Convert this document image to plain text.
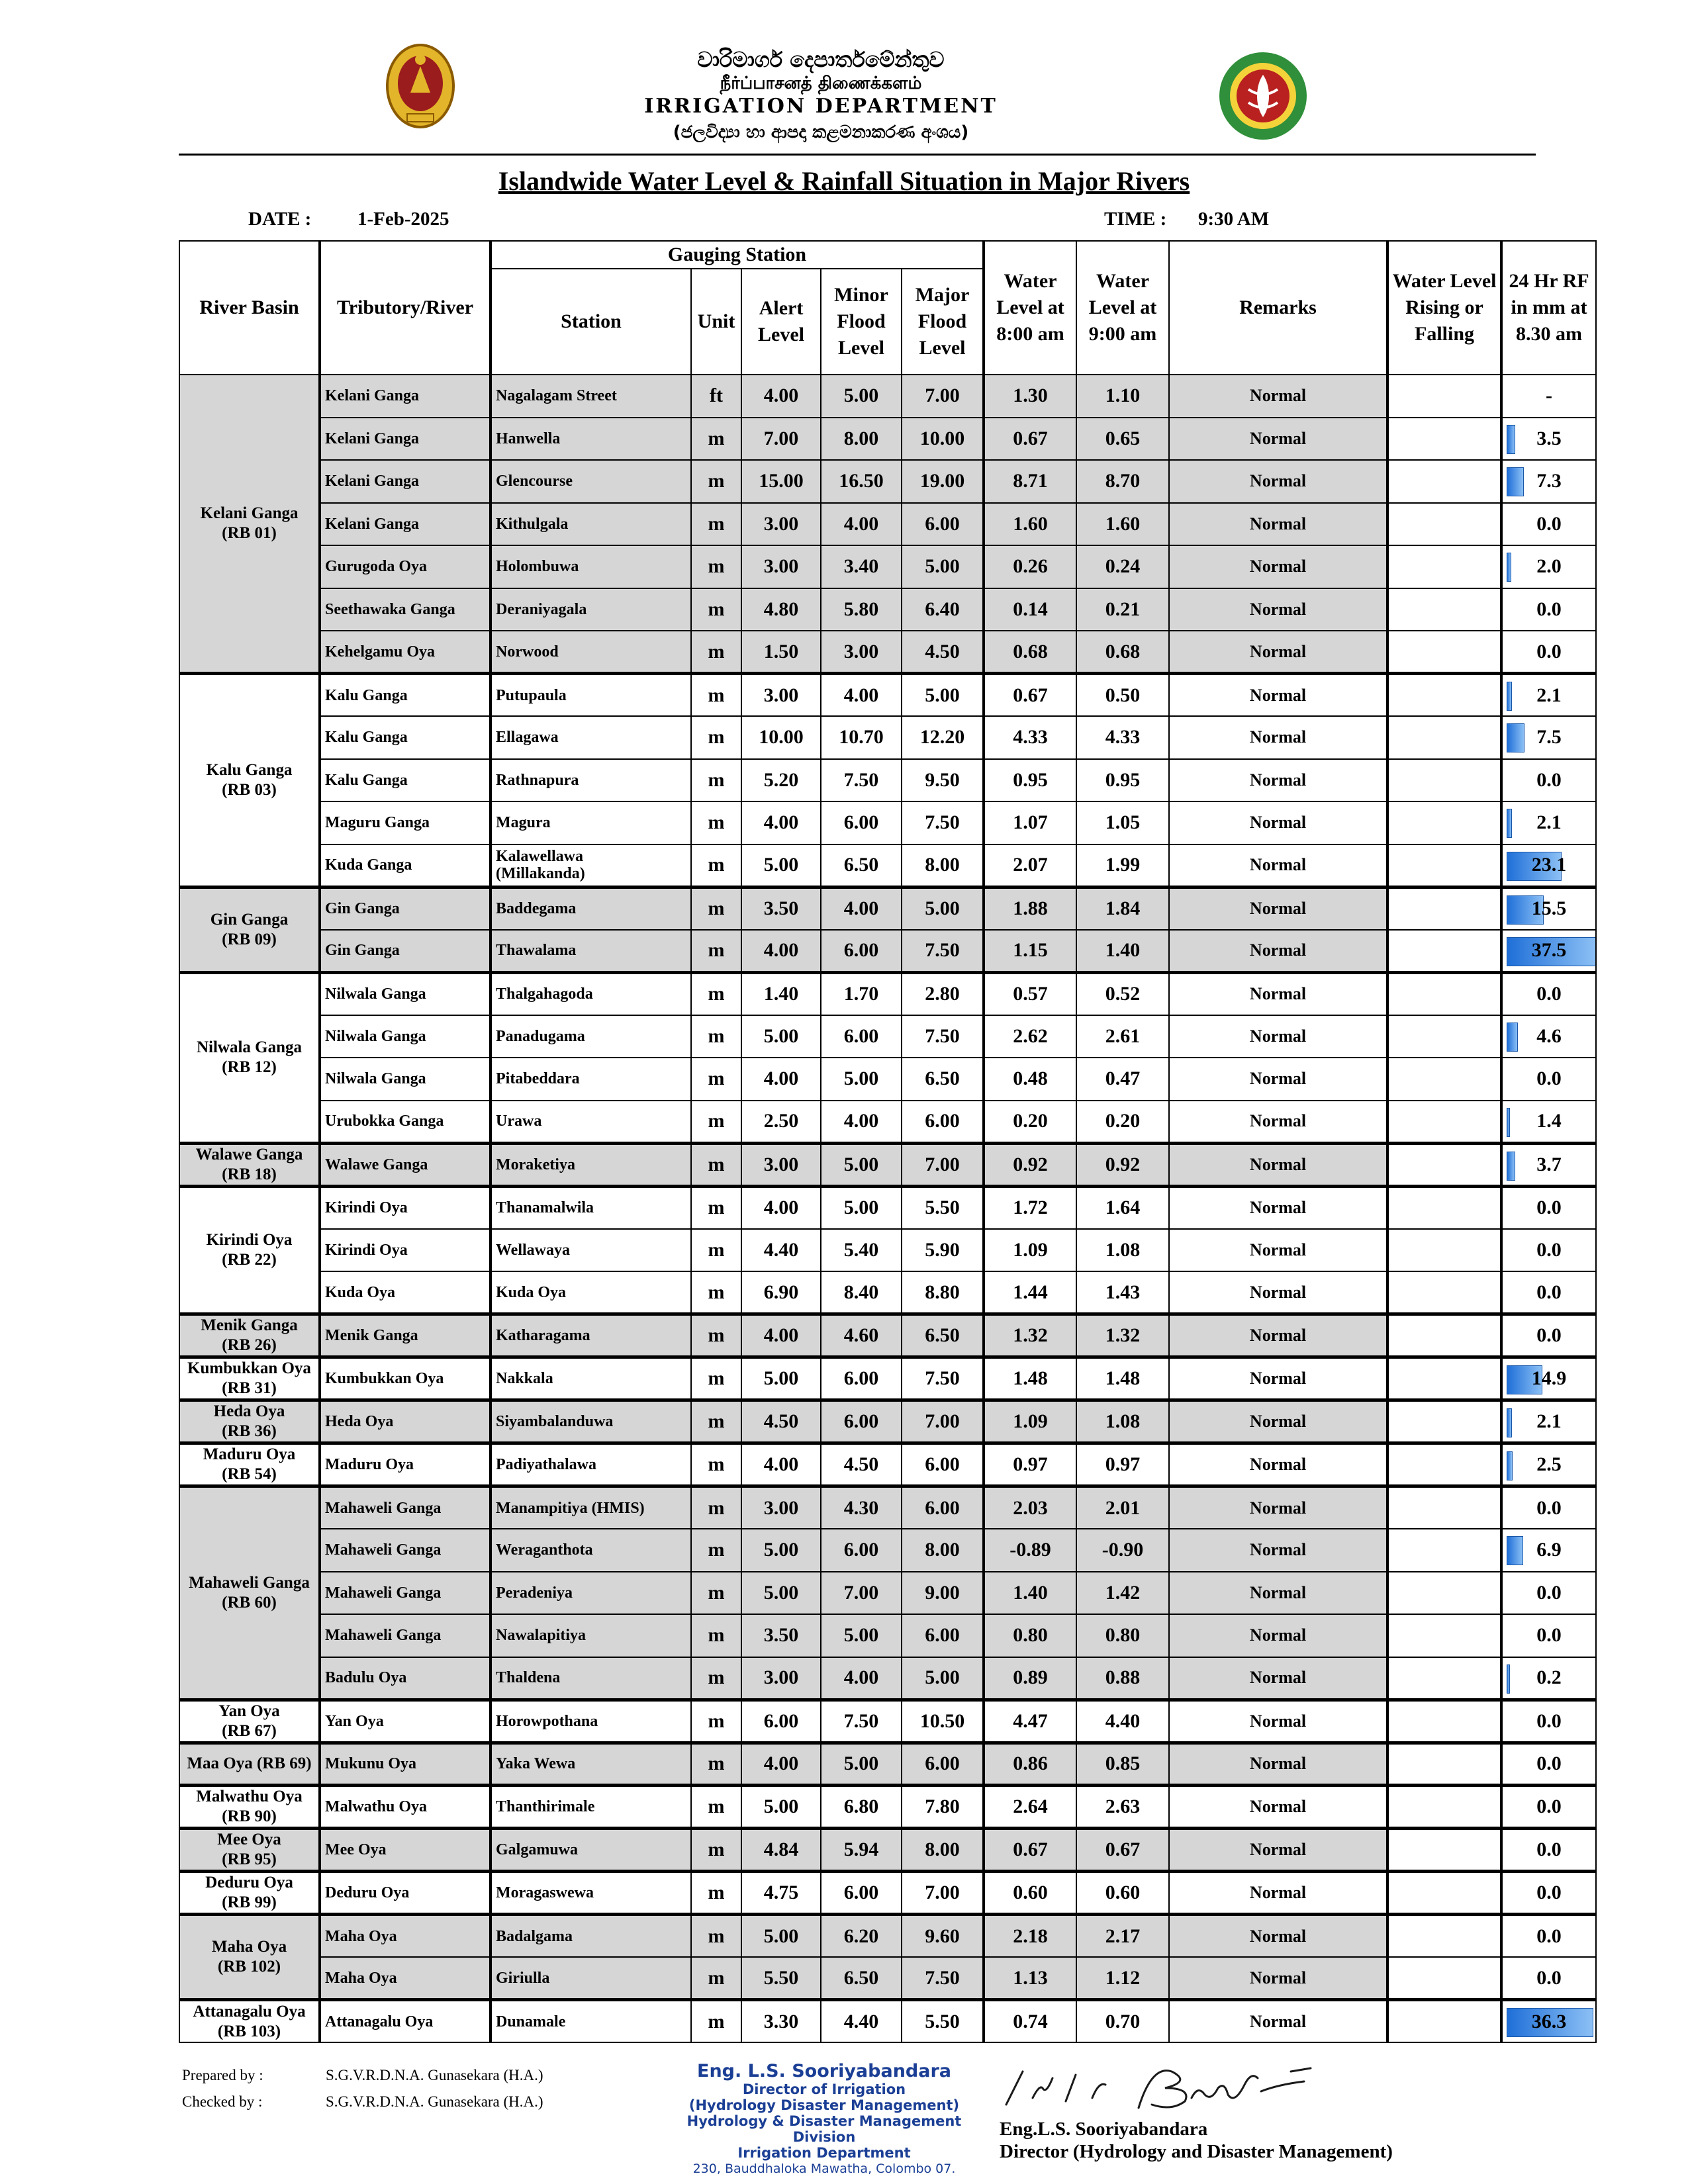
වාරිමාර්ග දෙපාර්තමේන්තුව
நீர்ப்பாசனத் திணைக்களம்
IRRIGATION DEPARTMENT
(ජලවිද්‍යා හා ආපදා කළමනාකරණ අංශය)
Islandwide Water Level & Rainfall Situation in Major Rivers
DATE : 1-Feb-2025	TIME : 9:30 AM
River Basin	Tributory/River	Gauging Station					Water Level at 8:00 am	Water Level at 9:00 am	Remarks	Water Level Rising or Falling	24 Hr RF in mm at 8.30 am
		Station	Unit	Alert Level	Minor Flood Level	Major Flood Level					

Kelani Ganga
(RB 01)	Kelani Ganga	Nagalagam Street	ft	4.00	5.00	7.00	1.30	1.10	Normal		-
	Kelani Ganga	Hanwella	m	7.00	8.00	10.00	0.67	0.65	Normal		3.5
	Kelani Ganga	Glencourse	m	15.00	16.50	19.00	8.71	8.70	Normal		7.3
	Kelani Ganga	Kithulgala	m	3.00	4.00	6.00	1.60	1.60	Normal		0.0
	Gurugoda Oya	Holombuwa	m	3.00	3.40	5.00	0.26	0.24	Normal		2.0
	Seethawaka Ganga	Deraniyagala	m	4.80	5.80	6.40	0.14	0.21	Normal		0.0
	Kehelgamu Oya	Norwood	m	1.50	3.00	4.50	0.68	0.68	Normal		0.0

Kalu Ganga
(RB 03)	Kalu Ganga	Putupaula	m	3.00	4.00	5.00	0.67	0.50	Normal		2.1
	Kalu Ganga	Ellagawa	m	10.00	10.70	12.20	4.33	4.33	Normal		7.5
	Kalu Ganga	Rathnapura	m	5.20	7.50	9.50	0.95	0.95	Normal		0.0
	Maguru Ganga	Magura	m	4.00	6.00	7.50	1.07	1.05	Normal		2.1
	Kuda Ganga	Kalawellawa
(Millakanda)	m	5.00	6.50	8.00	2.07	1.99	Normal		23.1

Gin Ganga
(RB 09)	Gin Ganga	Baddegama	m	3.50	4.00	5.00	1.88	1.84	Normal		15.5
	Gin Ganga	Thawalama	m	4.00	6.00	7.50	1.15	1.40	Normal		37.5

Nilwala Ganga
(RB 12)	Nilwala Ganga	Thalgahagoda	m	1.40	1.70	2.80	0.57	0.52	Normal		0.0
	Nilwala Ganga	Panadugama	m	5.00	6.00	7.50	2.62	2.61	Normal		4.6
	Nilwala Ganga	Pitabeddara	m	4.00	5.00	6.50	0.48	0.47	Normal		0.0
	Urubokka Ganga	Urawa	m	2.50	4.00	6.00	0.20	0.20	Normal		1.4

Walawe Ganga
(RB 18)	Walawe Ganga	Moraketiya	m	3.00	5.00	7.00	0.92	0.92	Normal		3.7

Kirindi Oya
(RB 22)	Kirindi Oya	Thanamalwila	m	4.00	5.00	5.50	1.72	1.64	Normal		0.0
	Kirindi Oya	Wellawaya	m	4.40	5.40	5.90	1.09	1.08	Normal		0.0
	Kuda Oya	Kuda Oya	m	6.90	8.40	8.80	1.44	1.43	Normal		0.0

Menik Ganga
(RB 26)	Menik Ganga	Katharagama	m	4.00	4.60	6.50	1.32	1.32	Normal		0.0

Kumbukkan Oya
(RB 31)	Kumbukkan Oya	Nakkala	m	5.00	6.00	7.50	1.48	1.48	Normal		14.9

Heda Oya
(RB 36)	Heda Oya	Siyambalanduwa	m	4.50	6.00	7.00	1.09	1.08	Normal		2.1

Maduru Oya
(RB 54)	Maduru Oya	Padiyathalawa	m	4.00	4.50	6.00	0.97	0.97	Normal		2.5

Mahaweli Ganga
(RB 60)	Mahaweli Ganga	Manampitiya (HMIS)	m	3.00	4.30	6.00	2.03	2.01	Normal		0.0
	Mahaweli Ganga	Weraganthota	m	5.00	6.00	8.00	-0.89	-0.90	Normal		6.9
	Mahaweli Ganga	Peradeniya	m	5.00	7.00	9.00	1.40	1.42	Normal		0.0
	Mahaweli Ganga	Nawalapitiya	m	3.50	5.00	6.00	0.80	0.80	Normal		0.0
	Badulu Oya	Thaldena	m	3.00	4.00	5.00	0.89	0.88	Normal		0.2

Yan Oya
(RB 67)	Yan Oya	Horowpothana	m	6.00	7.50	10.50	4.47	4.40	Normal		0.0

Maa Oya (RB 69)	Mukunu Oya	Yaka Wewa	m	4.00	5.00	6.00	0.86	0.85	Normal		0.0

Malwathu Oya
(RB 90)	Malwathu Oya	Thanthirimale	m	5.00	6.80	7.80	2.64	2.63	Normal		0.0

Mee Oya
(RB 95)	Mee Oya	Galgamuwa	m	4.84	5.94	8.00	0.67	0.67	Normal		0.0

Deduru Oya
(RB 99)	Deduru Oya	Moragaswewa	m	4.75	6.00	7.00	0.60	0.60	Normal		0.0

Maha Oya
(RB 102)	Maha Oya	Badalgama	m	5.00	6.20	9.60	2.18	2.17	Normal		0.0
	Maha Oya	Giriulla	m	5.50	6.50	7.50	1.13	1.12	Normal		0.0

Attanagalu Oya
(RB 103)	Attanagalu Oya	Dunamale	m	3.30	4.40	5.50	0.74	0.70	Normal		36.3
Prepared by :	S.G.V.R.D.N.A. Gunasekara (H.A.)
Checked by :	S.G.V.R.D.N.A. Gunasekara (H.A.)
Eng. L.S. Sooriyabandara
Director of Irrigation
(Hydrology Disaster Management)
Hydrology & Disaster Management Division
Irrigation Department
230, Bauddhaloka Mawatha, Colombo 07.
Eng.L.S. Sooriyabandara
Director (Hydrology and Disaster Management)
